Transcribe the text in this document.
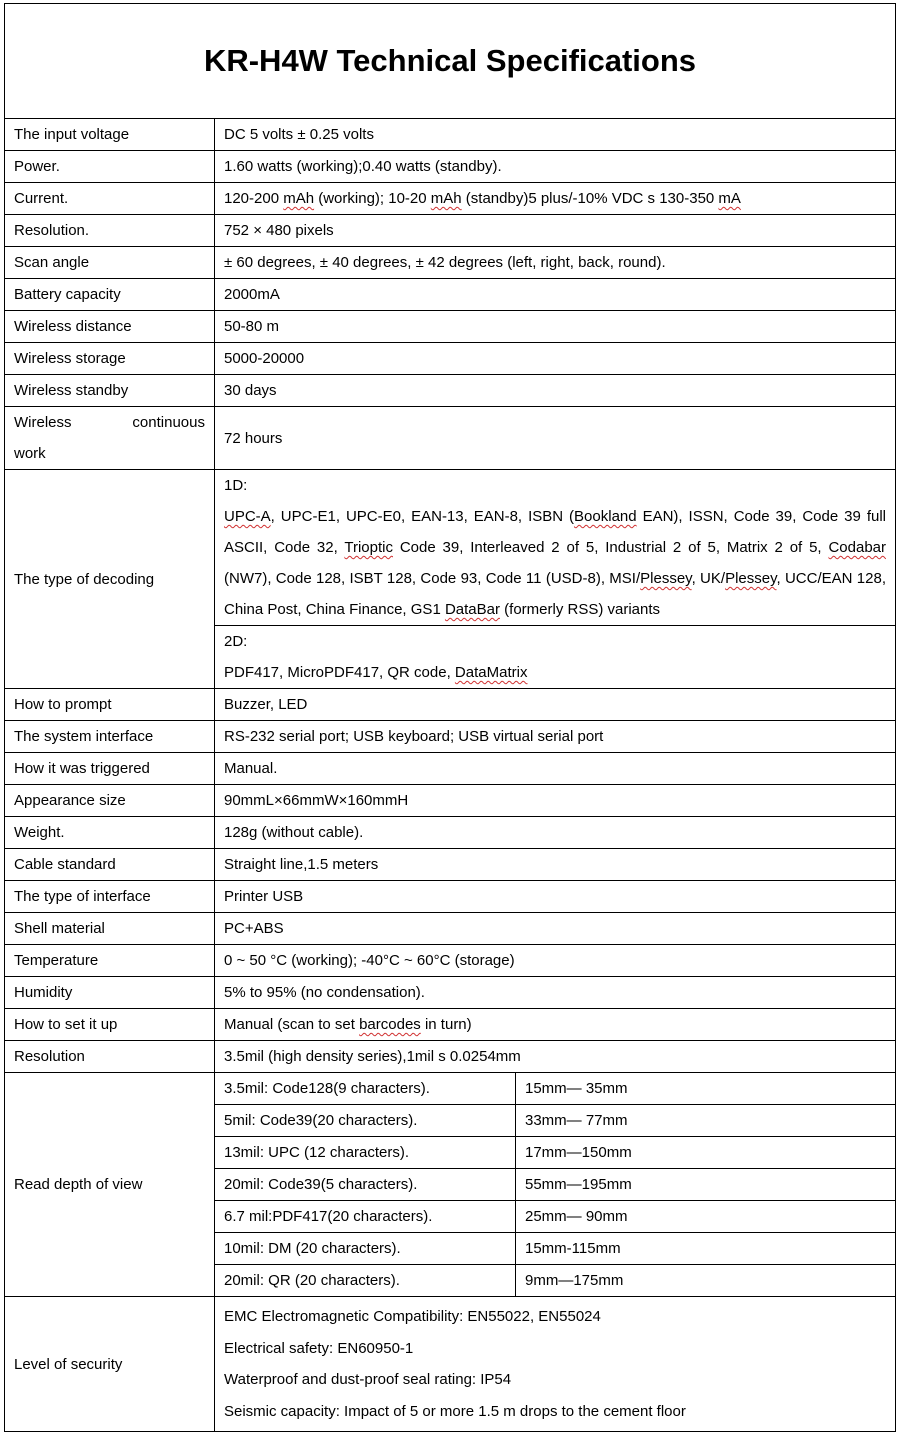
KR-H4W Technical Specifications
The input voltage	DC 5 volts ± 0.25 volts
Power.	1.60 watts (working);0.40 watts (standby).
Current.	120-200 mAh (working); 10-20 mAh (standby)5 plus/-10% VDC s 130-350 mA
Resolution.	752 × 480 pixels
Scan angle	± 60 degrees, ± 40 degrees, ± 42 degrees (left, right, back, round).
Battery capacity	2000mA
Wireless distance	50-80 m
Wireless storage	5000-20000
Wireless standby	30 days

Wireless continuous
work
	72 hours
The type of decoding	
1D:
UPC-A, UPC-E1, UPC-E0, EAN-13, EAN-8, ISBN (Bookland EAN), ISSN, Code 39, Code 39 full ASCII, Code 32, Trioptic Code 39, Interleaved 2 of 5, Industrial 2 of 5, Matrix 2 of 5, Codabar (NW7), Code 128, ISBT 128, Code 93, Code 11 (USD-8), MSI/Plessey, UK/Plessey, UCC/EAN 128, China Post, China Finance, GS1 DataBar (formerly RSS) variants

2D:
PDF417, MicroPDF417, QR code, DataMatrix

How to prompt	Buzzer, LED
The system interface	RS-232 serial port; USB keyboard; USB virtual serial port
How it was triggered	Manual.
Appearance size	90mmL×66mmW×160mmH
Weight.	128g (without cable).
Cable standard	Straight line,1.5 meters
The type of interface	Printer USB
Shell material	PC+ABS
Temperature	0 ~ 50 °C (working); -40°C ~ 60°C (storage)
Humidity	5% to 95% (no condensation).
How to set it up	Manual (scan to set barcodes in turn)
Resolution	3.5mil (high density series),1mil s 0.0254mm
Read depth of view	
3.5mil: Code128(9 characters).	15mm— 35mm
5mil: Code39(20 characters).	33mm— 77mm
13mil: UPC (12 characters).	17mm—150mm
20mil: Code39(5 characters).	55mm—195mm
6.7 mil:PDF417(20 characters).	25mm— 90mm
10mil: DM (20 characters).	15mm-115mm
20mil: QR (20 characters).	9mm—175mm

Level of security	
EMC Electromagnetic Compatibility: EN55022, EN55024
Electrical safety: EN60950-1
Waterproof and dust-proof seal rating: IP54
Seismic capacity: Impact of 5 or more 1.5 m drops to the cement floor
